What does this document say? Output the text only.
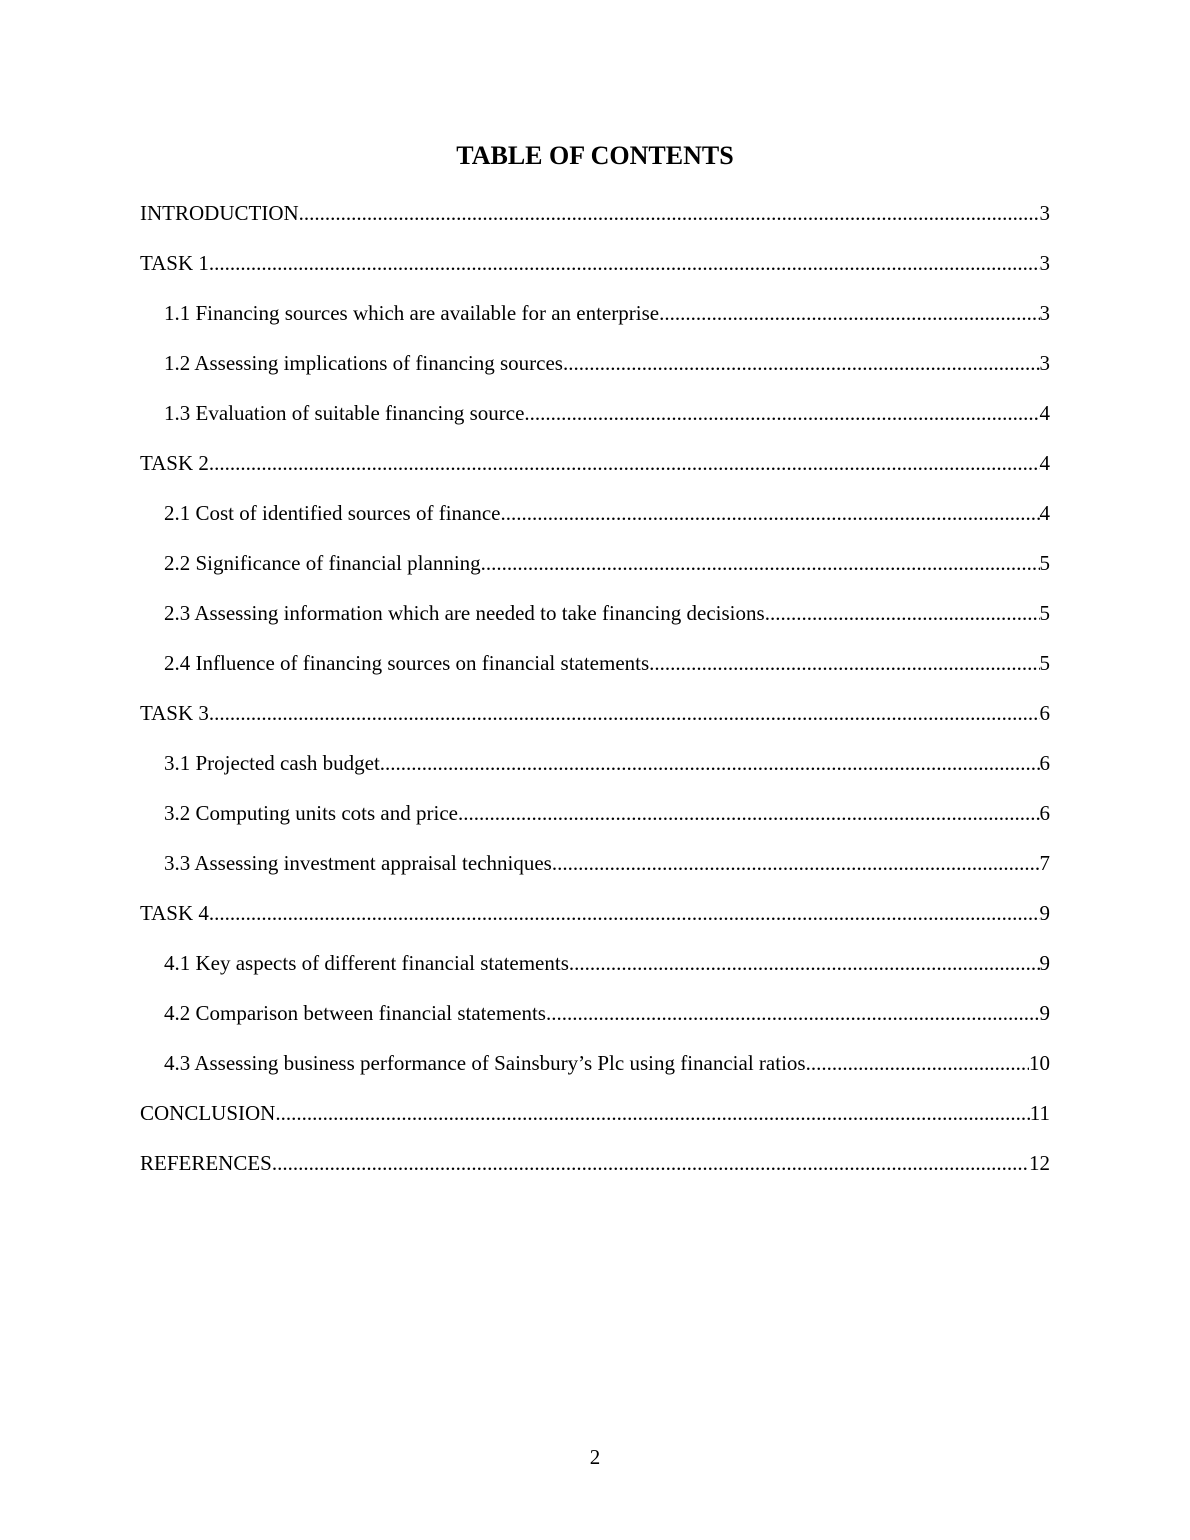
TABLE OF CONTENTS
INTRODUCTION .....	3
TASK 1 .....	3
1.1 Financing sources which are available for an enterprise .....	3
1.2 Assessing implications of financing sources .....	3
1.3 Evaluation of suitable financing source .....	4
TASK 2 .....	4
2.1 Cost of identified sources of finance .....	4
2.2 Significance of financial planning .....	5
2.3 Assessing information which are needed to take financing decisions .....	5
2.4 Influence of financing sources on financial statements .....	5
TASK 3 .....	6
3.1 Projected cash budget .....	6
3.2 Computing units cots and price .....	6
3.3 Assessing investment appraisal techniques .....	7
TASK 4 .....	9
4.1 Key aspects of different financial statements .....	9
4.2 Comparison between financial statements .....	9
4.3 Assessing business performance of Sainsbury’s Plc using financial ratios .....	10
CONCLUSION .....	11
REFERENCES .....	12
2
